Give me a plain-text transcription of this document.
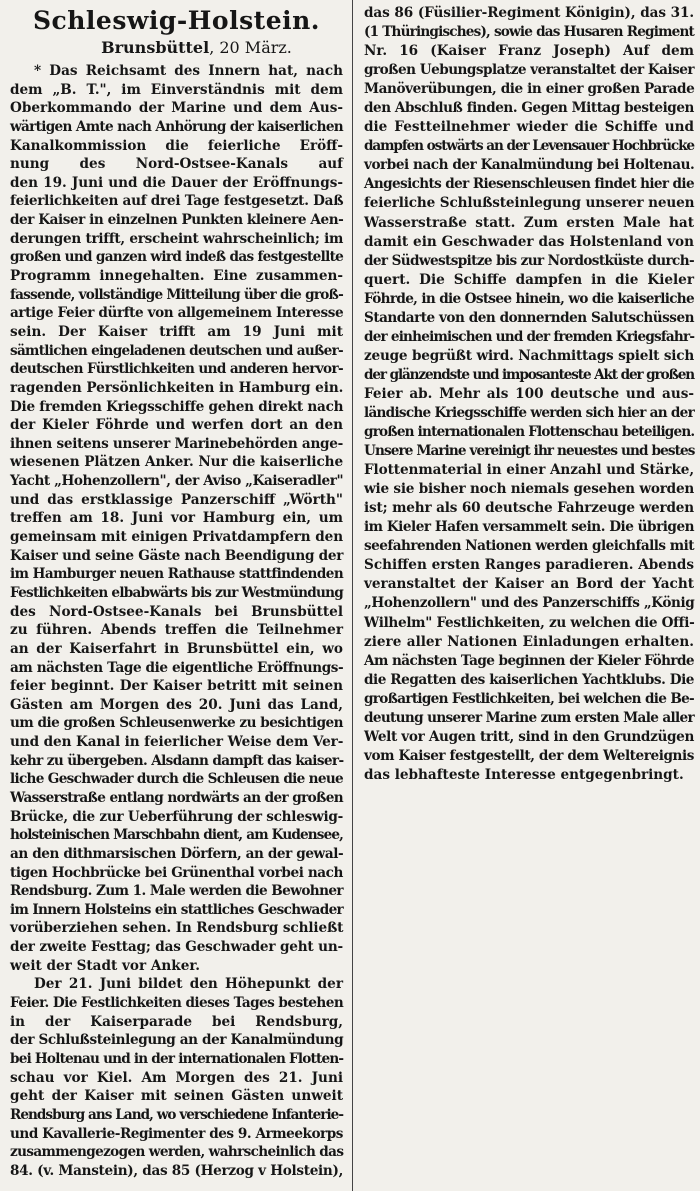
Schleswig-Holstein.
Brunsbüttel, 20 März.
* Das Reichsamt des Innern hat, nach
dem „B. T.", im Einverständnis mit dem
Oberkommando der Marine und dem Aus-
wärtigen Amte nach Anhörung der kaiserlichen
Kanalkommission die feierliche Eröff-
nung des Nord-Ostsee-Kanals auf
den 19. Juni und die Dauer der Eröffnungs-
feierlichkeiten auf drei Tage festgesetzt. Daß
der Kaiser in einzelnen Punkten kleinere Aen-
derungen trifft, erscheint wahrscheinlich; im
großen und ganzen wird indeß das festgestellte
Programm innegehalten. Eine zusammen-
fassende, vollständige Mitteilung über die groß-
artige Feier dürfte von allgemeinem Interesse
sein. Der Kaiser trifft am 19 Juni mit
sämtlichen eingeladenen deutschen und außer-
deutschen Fürstlichkeiten und anderen hervor-
ragenden Persönlichkeiten in Hamburg ein.
Die fremden Kriegsschiffe gehen direkt nach
der Kieler Föhrde und werfen dort an den
ihnen seitens unserer Marinebehörden ange-
wiesenen Plätzen Anker. Nur die kaiserliche
Yacht „Hohenzollern", der Aviso „Kaiseradler"
und das erstklassige Panzerschiff „Wörth"
treffen am 18. Juni vor Hamburg ein, um
gemeinsam mit einigen Privatdampfern den
Kaiser und seine Gäste nach Beendigung der
im Hamburger neuen Rathause stattfindenden
Festlichkeiten elbabwärts bis zur Westmündung
des Nord-Ostsee-Kanals bei Brunsbüttel
zu führen. Abends treffen die Teilnehmer
an der Kaiserfahrt in Brunsbüttel ein, wo
am nächsten Tage die eigentliche Eröffnungs-
feier beginnt. Der Kaiser betritt mit seinen
Gästen am Morgen des 20. Juni das Land,
um die großen Schleusenwerke zu besichtigen
und den Kanal in feierlicher Weise dem Ver-
kehr zu übergeben. Alsdann dampft das kaiser-
liche Geschwader durch die Schleusen die neue
Wasserstraße entlang nordwärts an der großen
Brücke, die zur Ueberführung der schleswig-
holsteinischen Marschbahn dient, am Kudensee,
an den dithmarsischen Dörfern, an der gewal-
tigen Hochbrücke bei Grünenthal vorbei nach
Rendsburg. Zum 1. Male werden die Bewohner
im Innern Holsteins ein stattliches Geschwader
vorüberziehen sehen. In Rendsburg schließt
der zweite Festtag; das Geschwader geht un-
weit der Stadt vor Anker.
Der 21. Juni bildet den Höhepunkt der
Feier. Die Festlichkeiten dieses Tages bestehen
in der Kaiserparade bei Rendsburg,
der Schlußsteinlegung an der Kanalmündung
bei Holtenau und in der internationalen Flotten-
schau vor Kiel. Am Morgen des 21. Juni
geht der Kaiser mit seinen Gästen unweit
Rendsburg ans Land, wo verschiedene Infanterie-
und Kavallerie-Regimenter des 9. Armeekorps
zusammengezogen werden, wahrscheinlich das
84. (v. Manstein), das 85 (Herzog v Holstein),
das 86 (Füsilier-Regiment Königin), das 31.
(1 Thüringisches), sowie das Husaren Regiment
Nr. 16 (Kaiser Franz Joseph) Auf dem
großen Uebungsplatze veranstaltet der Kaiser
Manöverübungen, die in einer großen Parade
den Abschluß finden. Gegen Mittag besteigen
die Festteilnehmer wieder die Schiffe und
dampfen ostwärts an der Levensauer Hochbrücke
vorbei nach der Kanalmündung bei Holtenau.
Angesichts der Riesenschleusen findet hier die
feierliche Schlußsteinlegung unserer neuen
Wasserstraße statt. Zum ersten Male hat
damit ein Geschwader das Holstenland von
der Südwestspitze bis zur Nordostküste durch-
quert. Die Schiffe dampfen in die Kieler
Föhrde, in die Ostsee hinein, wo die kaiserliche
Standarte von den donnernden Salutschüssen
der einheimischen und der fremden Kriegsfahr-
zeuge begrüßt wird. Nachmittags spielt sich
der glänzendste und imposanteste Akt der großen
Feier ab. Mehr als 100 deutsche und aus-
ländische Kriegsschiffe werden sich hier an der
großen internationalen Flottenschau beteiligen.
Unsere Marine vereinigt ihr neuestes und bestes
Flottenmaterial in einer Anzahl und Stärke,
wie sie bisher noch niemals gesehen worden
ist; mehr als 60 deutsche Fahrzeuge werden
im Kieler Hafen versammelt sein. Die übrigen
seefahrenden Nationen werden gleichfalls mit
Schiffen ersten Ranges paradieren. Abends
veranstaltet der Kaiser an Bord der Yacht
„Hohenzollern" und des Panzerschiffs „König
Wilhelm" Festlichkeiten, zu welchen die Offi-
ziere aller Nationen Einladungen erhalten.
Am nächsten Tage beginnen der Kieler Föhrde
die Regatten des kaiserlichen Yachtklubs. Die
großartigen Festlichkeiten, bei welchen die Be-
deutung unserer Marine zum ersten Male aller
Welt vor Augen tritt, sind in den Grundzügen
vom Kaiser festgestellt, der dem Weltereignis
das lebhafteste Interesse entgegenbringt.
